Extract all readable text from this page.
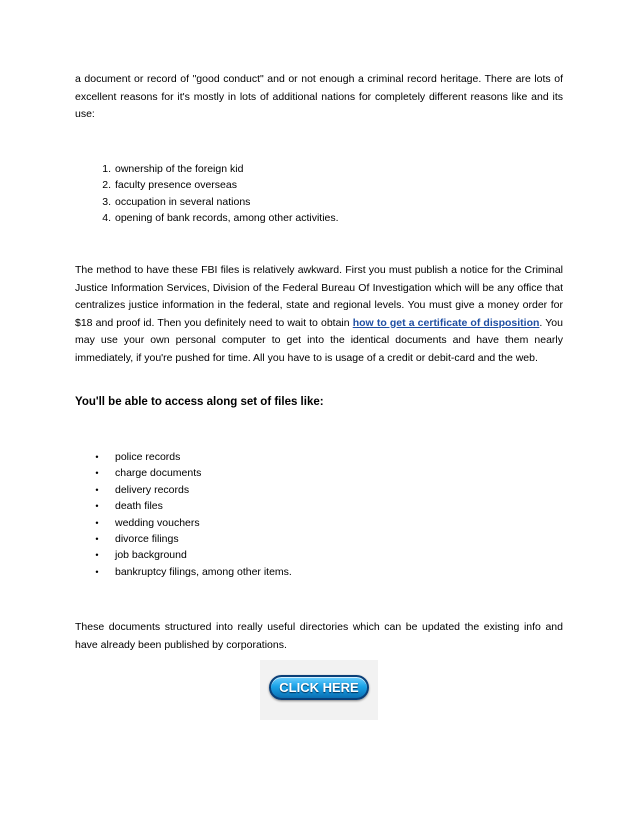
a document or record of "good conduct" and or not enough a criminal record heritage. There are lots of excellent reasons for it's mostly in lots of additional nations for completely different reasons like and its use:

1. ownership of the foreign kid
2. faculty presence overseas
3. occupation in several nations
4. opening of bank records, among other activities.

The method to have these FBI files is relatively awkward. First you must publish a notice for the Criminal Justice Information Services, Division of the Federal Bureau Of Investigation which will be any office that centralizes justice information in the federal, state and regional levels. You must give a money order for $18 and proof id. Then you definitely need to wait to obtain how to get a certificate of disposition. You may use your own personal computer to get into the identical documents and have them nearly immediately, if you're pushed for time. All you have to is usage of a credit or debit-card and the web.

You'll be able to access along set of files like:
•	police records
•	charge documents
•	delivery records
•	death files
•	wedding vouchers
•	divorce filings
•	job background
•	bankruptcy filings, among other items.

These documents structured into really useful directories which can be updated the existing info and have already been published by corporations.

CLICK HERE
